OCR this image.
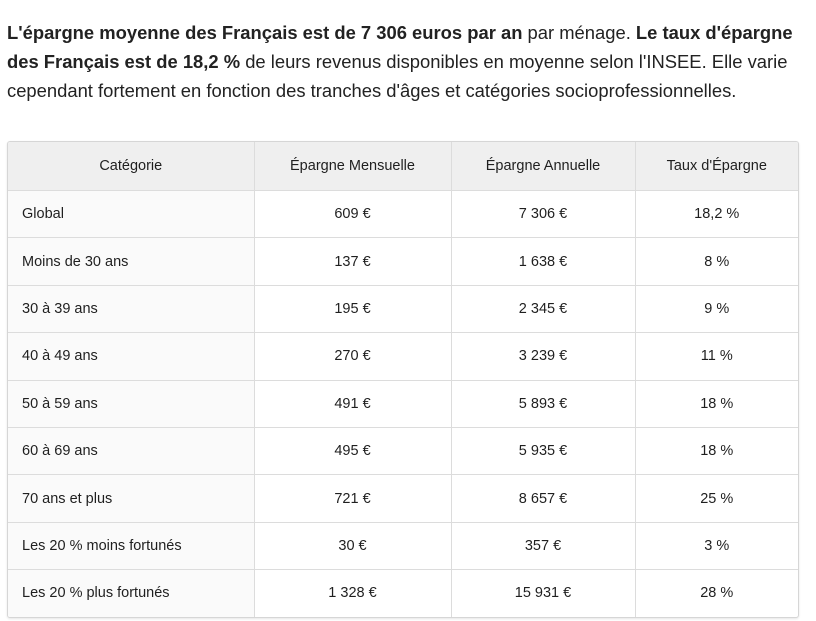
L'épargne moyenne des Français est de 7 306 euros par an par ménage. Le taux d'épargne des Français est de 18,2 % de leurs revenus disponibles en moyenne selon l'INSEE. Elle varie cependant fortement en fonction des tranches d'âges et catégories socioprofessionnelles.

Catégorie	Épargne Mensuelle	Épargne Annuelle	Taux d'Épargne
Global	609 €	7 306 €	18,2 %
Moins de 30 ans	137 €	1 638 €	8 %
30 à 39 ans	195 €	2 345 €	9 %
40 à 49 ans	270 €	3 239 €	11 %
50 à 59 ans	491 €	5 893 €	18 %
60 à 69 ans	495 €	5 935 €	18 %
70 ans et plus	721 €	8 657 €	25 %
Les 20 % moins fortunés	30 €	357 €	3 %
Les 20 % plus fortunés	1 328 €	15 931 €	28 %
